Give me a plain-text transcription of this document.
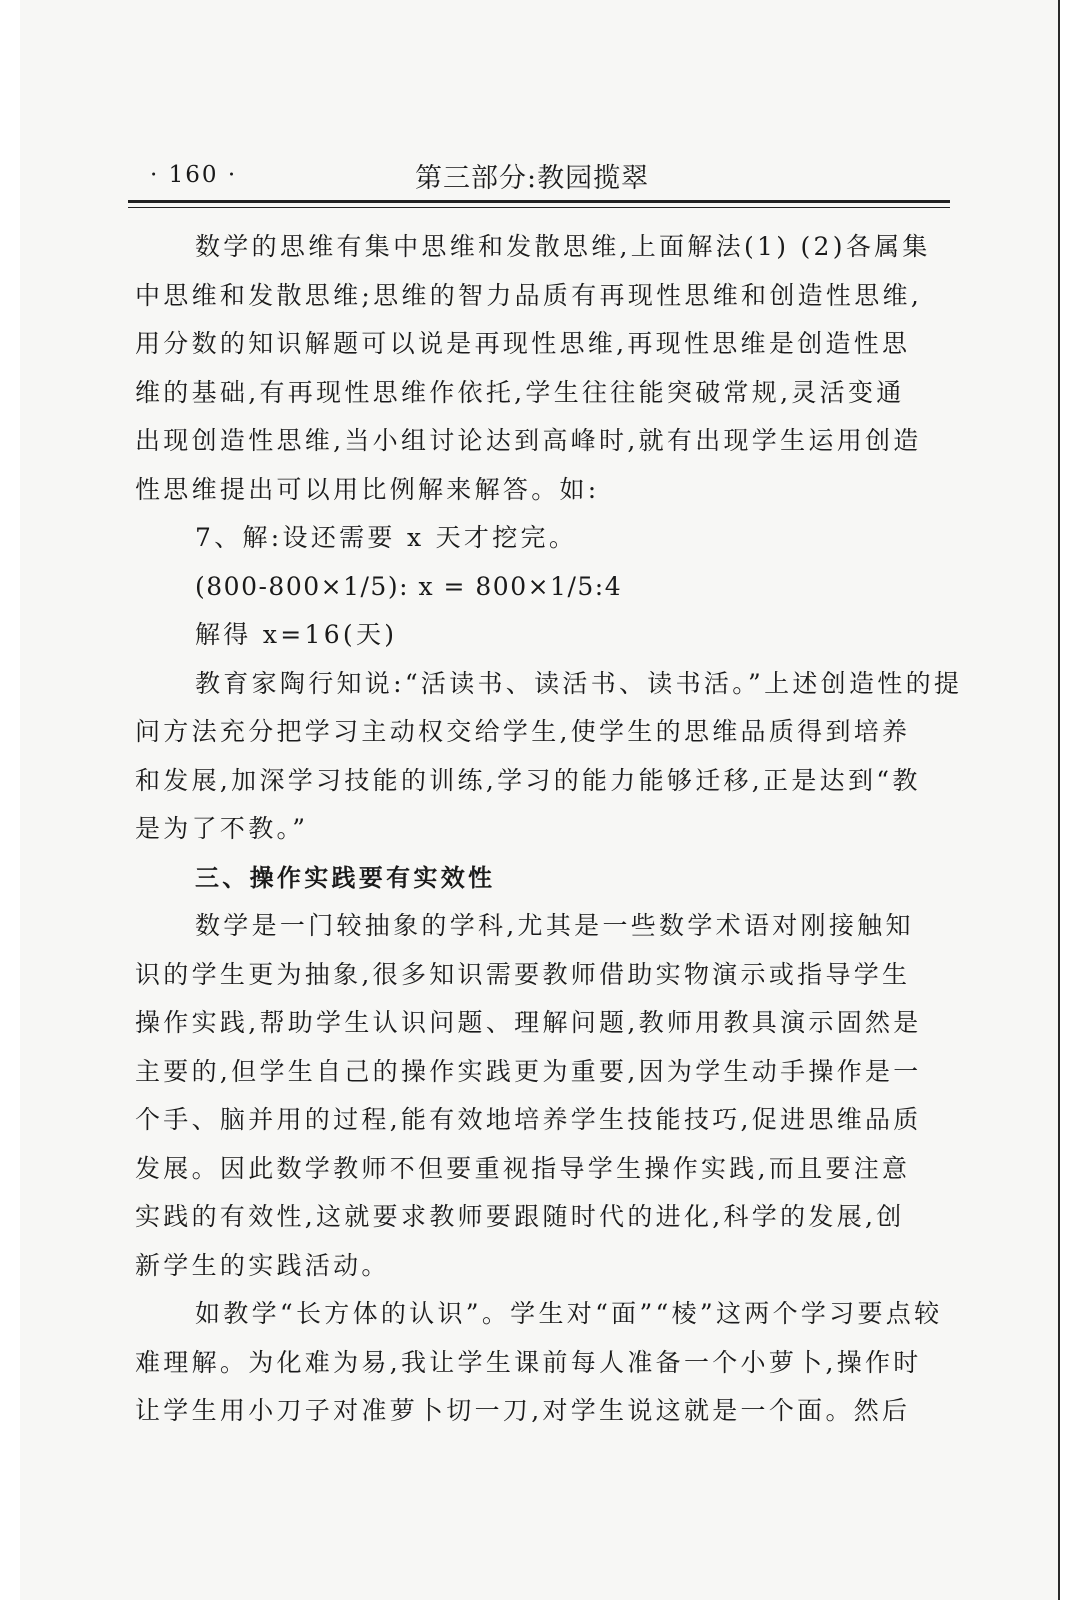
· 160 ·	第三部分:教园揽翠
数学的思维有集中思维和发散思维,上面解法(1) (2)各属集
中思维和发散思维;思维的智力品质有再现性思维和创造性思维,
用分数的知识解题可以说是再现性思维,再现性思维是创造性思
维的基础,有再现性思维作依托,学生往往能突破常规,灵活变通
出现创造性思维,当小组讨论达到高峰时,就有出现学生运用创造
性思维提出可以用比例解来解答。如:
7、解:设还需要 x 天才挖完。
(800-800×1/5): x = 800×1/5:4
解得 x=16(天)
教育家陶行知说:“活读书、读活书、读书活。”上述创造性的提
问方法充分把学习主动权交给学生,使学生的思维品质得到培养
和发展,加深学习技能的训练,学习的能力能够迁移,正是达到“教
是为了不教。”
三、操作实践要有实效性
数学是一门较抽象的学科,尤其是一些数学术语对刚接触知
识的学生更为抽象,很多知识需要教师借助实物演示或指导学生
操作实践,帮助学生认识问题、理解问题,教师用教具演示固然是
主要的,但学生自己的操作实践更为重要,因为学生动手操作是一
个手、脑并用的过程,能有效地培养学生技能技巧,促进思维品质
发展。因此数学教师不但要重视指导学生操作实践,而且要注意
实践的有效性,这就要求教师要跟随时代的进化,科学的发展,创
新学生的实践活动。
如教学“长方体的认识”。学生对“面”“棱”这两个学习要点较
难理解。为化难为易,我让学生课前每人准备一个小萝卜,操作时
让学生用小刀子对准萝卜切一刀,对学生说这就是一个面。然后
